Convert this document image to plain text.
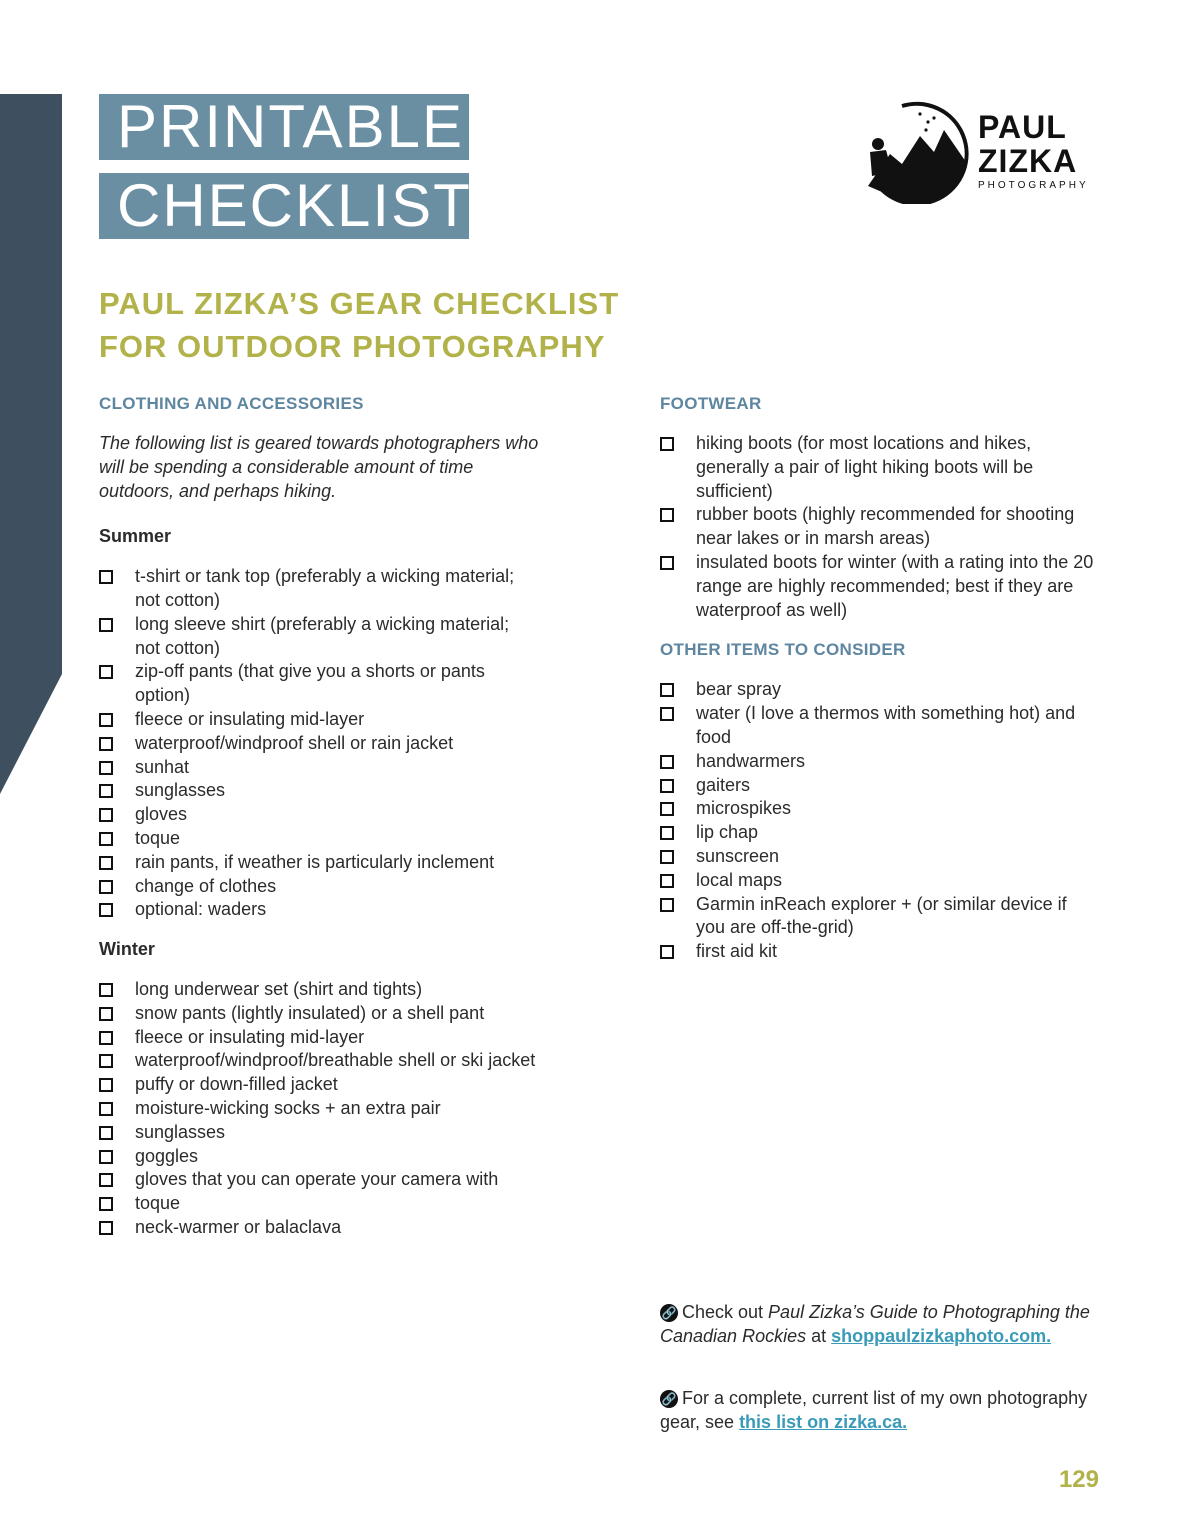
PRINTABLE
CHECKLIST
PAUL
ZIZKA
PHOTOGRAPHY
PAUL ZIZKA’S GEAR CHECKLIST
FOR OUTDOOR PHOTOGRAPHY
CLOTHING AND ACCESSORIES
The following list is geared towards photographers who will be spending a considerable amount of time outdoors, and perhaps hiking.
Summer
t-shirt or tank top (preferably a wicking material; not cotton)
long sleeve shirt (preferably a wicking material; not cotton)
zip-off pants (that give you a shorts or pants option)
fleece or insulating mid-layer
waterproof/windproof shell or rain jacket
sunhat
sunglasses
gloves
toque
rain pants, if weather is particularly inclement
change of clothes
optional: waders
Winter
long underwear set (shirt and tights)
snow pants (lightly insulated) or a shell pant
fleece or insulating mid-layer
waterproof/windproof/breathable shell or ski jacket
puffy or down-filled jacket
moisture-wicking socks + an extra pair
sunglasses
goggles
gloves that you can operate your camera with
toque
neck-warmer or balaclava
FOOTWEAR
hiking boots (for most locations and hikes, generally a pair of light hiking boots will be sufficient)
rubber boots (highly recommended for shooting near lakes or in marsh areas)
insulated boots for winter (with a rating into the 20 range are highly recommended; best if they are waterproof as well)
OTHER ITEMS TO CONSIDER
bear spray
water (I love a thermos with something hot) and food
handwarmers
gaiters
microspikes
lip chap
sunscreen
local maps
Garmin inReach explorer + (or similar device if you are off-the-grid)
first aid kit
🔗 Check out Paul Zizka’s Guide to Photographing the Canadian Rockies at shoppaulzizkaphoto.com.
🔗 For a complete, current list of my own photography gear, see this list on zizka.ca.
129
